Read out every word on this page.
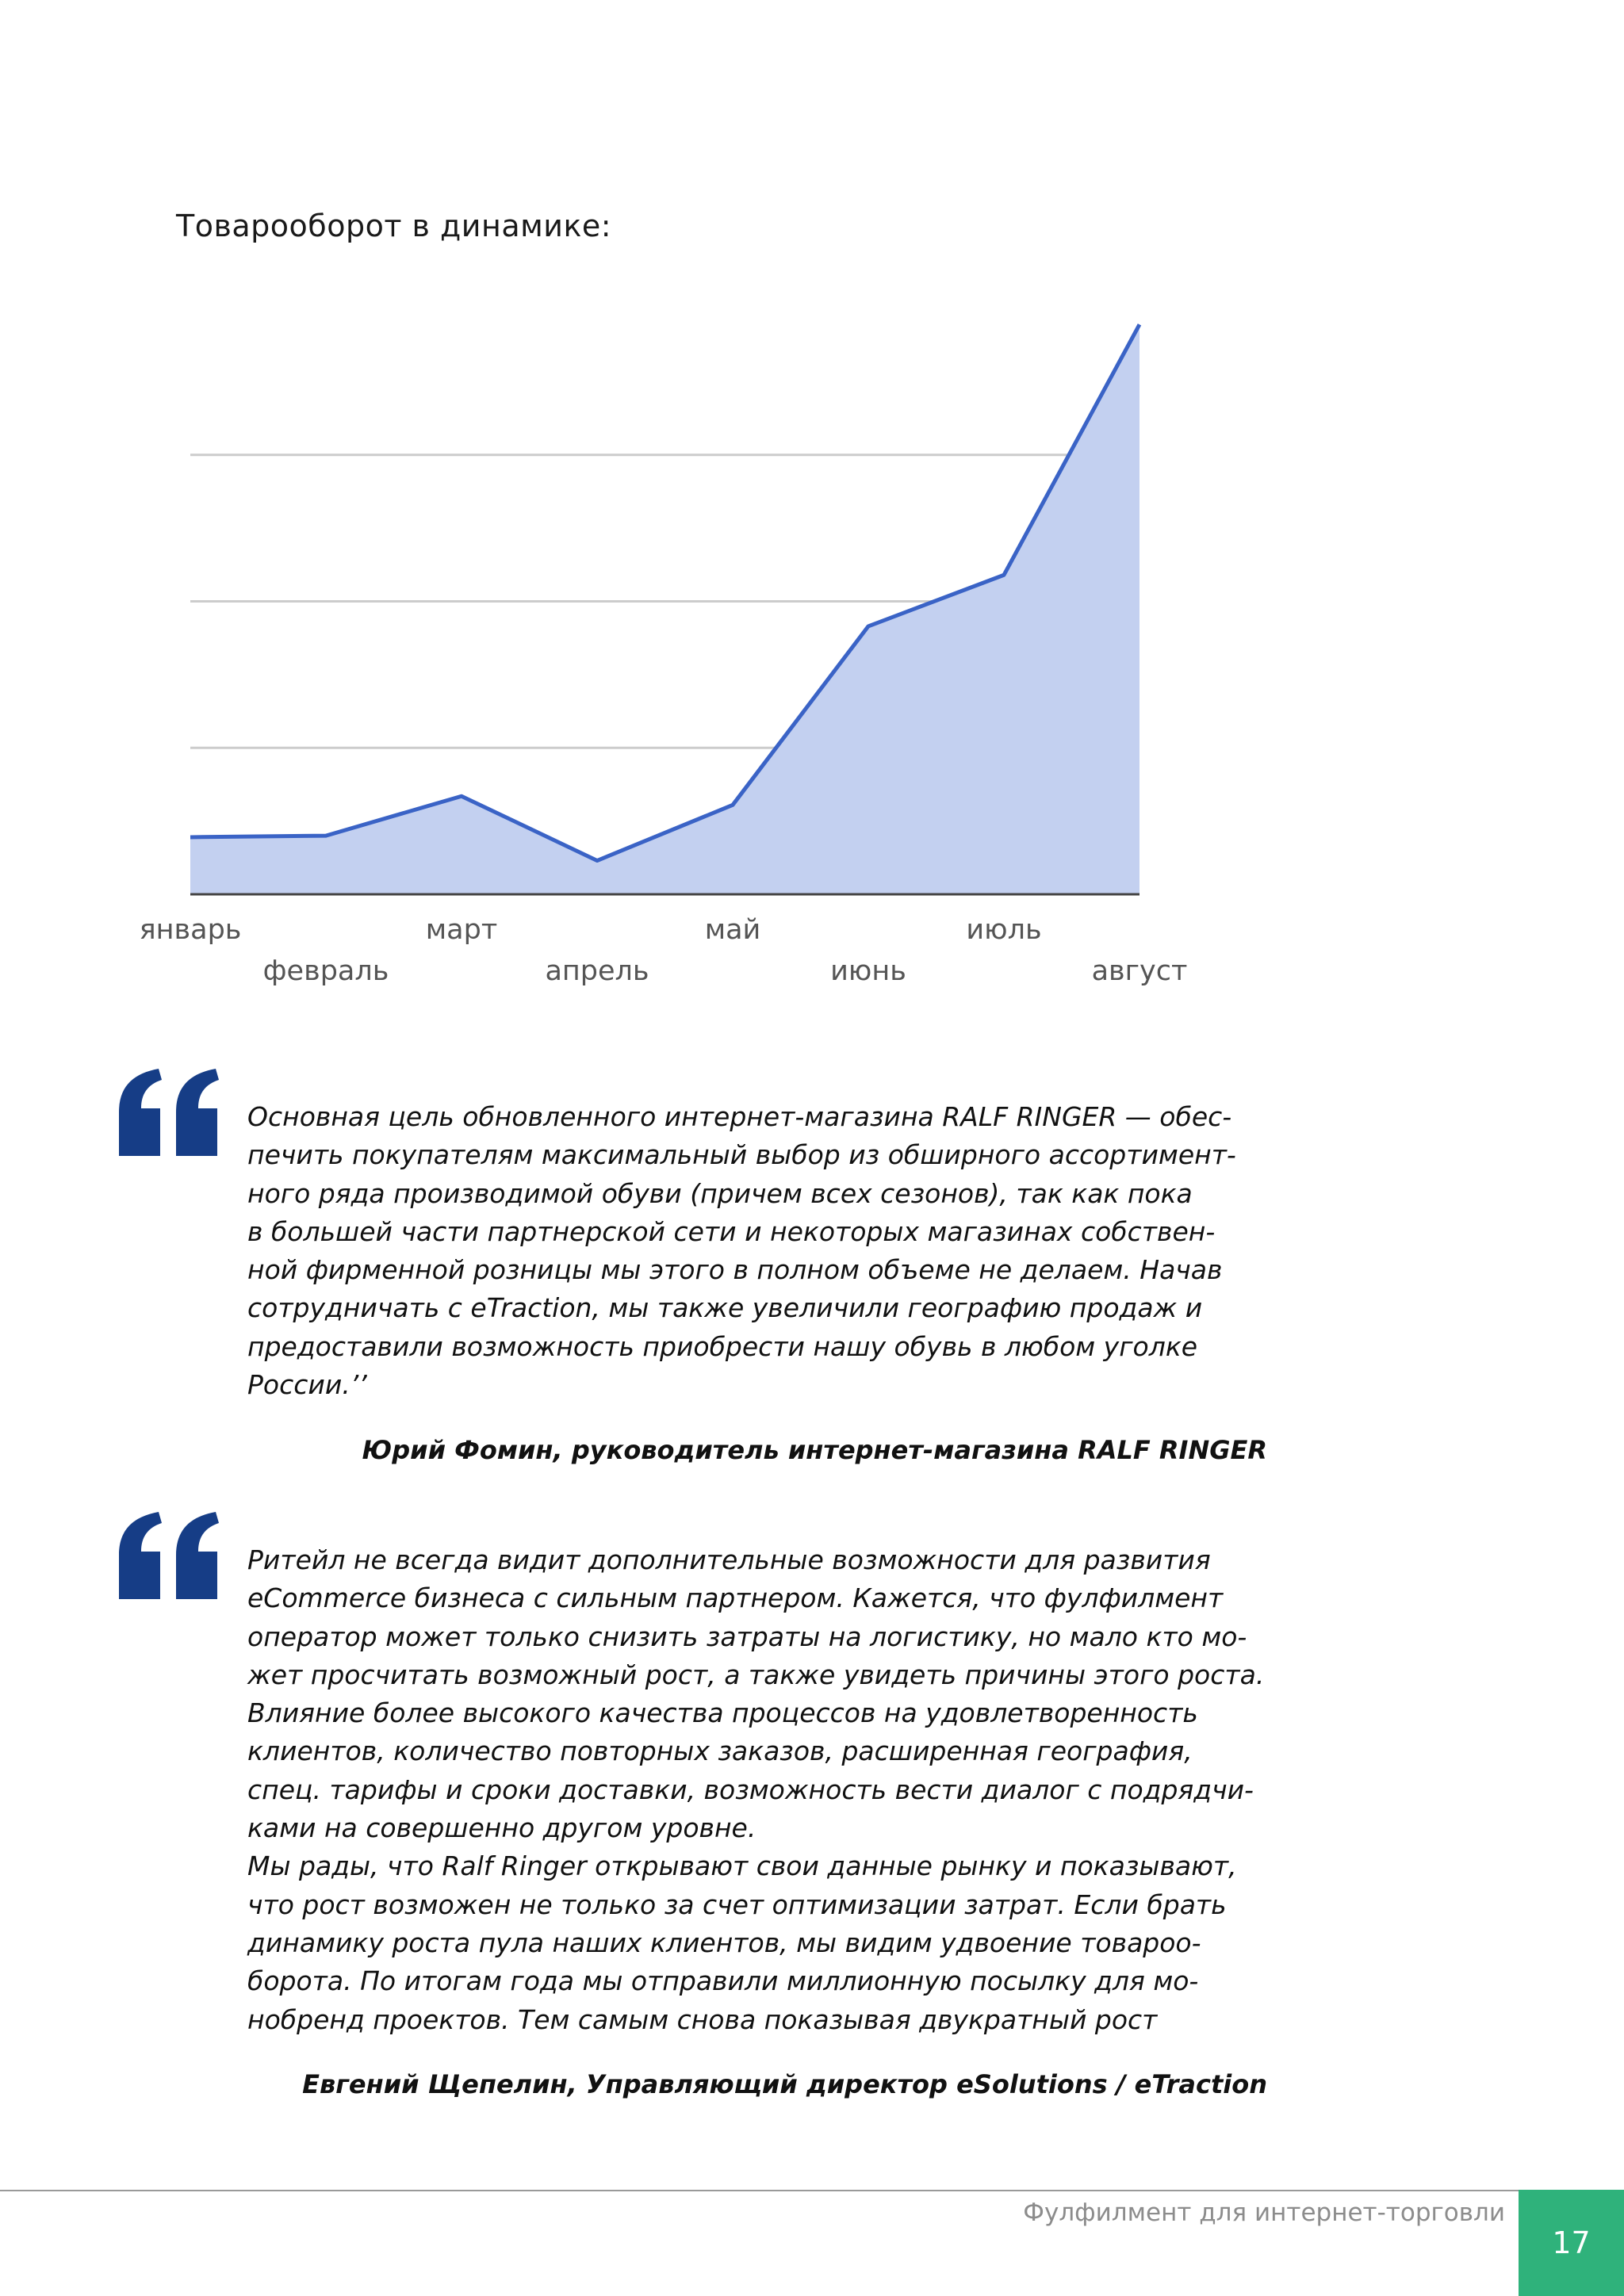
Товарооборот в динамике:
январь
февраль
март
апрель
май
июнь
июль
август
Основная цель обновленного интернет-магазина RALF RINGER — обес-
печить покупателям максимальный выбор из обширного ассортимент-
ного ряда производимой обуви (причем всех сезонов), так как пока
в большей части партнерской сети и некоторых магазинах собствен-
ной фирменной розницы мы этого в полном объеме не делаем. Начав
сотрудничать с eTraction, мы также увеличили географию продаж и
предоставили возможность приобрести нашу обувь в любом уголке
России.’’
Юрий Фомин, руководитель интернет-магазина RALF RINGER
Ритейл не всегда видит дополнительные возможности для развития
eCommerce бизнеса с сильным партнером. Кажется, что фулфилмент
оператор может только снизить затраты на логистику, но мало кто мо-
жет просчитать возможный рост, а также увидеть причины этого роста.
Влияние более высокого качества процессов на удовлетворенность
клиентов, количество повторных заказов, расширенная география,
спец. тарифы и сроки доставки, возможность вести диалог с подрядчи-
ками на совершенно другом уровне.
Мы рады, что Ralf Ringer открывают свои данные рынку и показывают,
что рост возможен не только за счет оптимизации затрат. Если брать
динамику роста пула наших клиентов, мы видим удвоение товароо-
борота. По итогам года мы отправили миллионную посылку для мо-
нобренд проектов. Тем самым снова показывая двукратный рост
Евгений Щепелин, Управляющий директор eSolutions / eTraction
Фулфилмент для интернет-торговли
17
